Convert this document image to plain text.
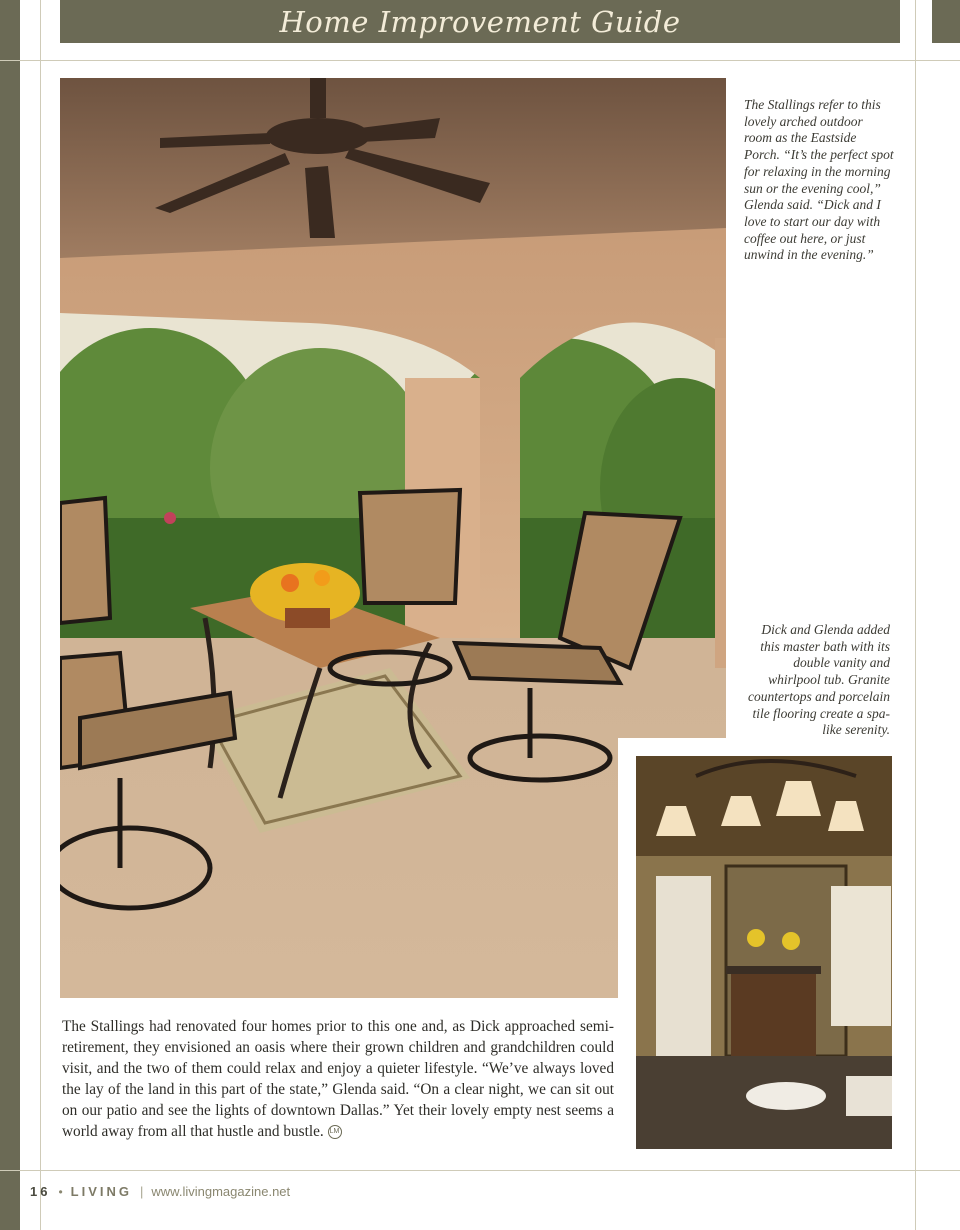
Home Improvement Guide
The Stallings refer to this lovely arched outdoor room as the Eastside Porch. “It’s the perfect spot for relaxing in the morning sun or the evening cool,” Glenda said. “Dick and I love to start our day with coffee out here, or just unwind in the evening.”
Dick and Glenda added this master bath with its double vanity and whirlpool tub. Granite countertops and porcelain tile flooring create a spa-like serenity.
The Stallings had renovated four homes prior to this one and, as Dick approached semi-retirement, they envisioned an oasis where their grown children and grandchildren could visit, and the two of them could relax and enjoy a quieter lifestyle. “We’ve always loved the lay of the land in this part of the state,” Glenda said. “On a clear night, we can sit out on our patio and see the lights of downtown Dallas.” Yet their lovely empty nest seems a world away from all that hustle and bustle. LM
16 • LIVING | www.livingmagazine.net
